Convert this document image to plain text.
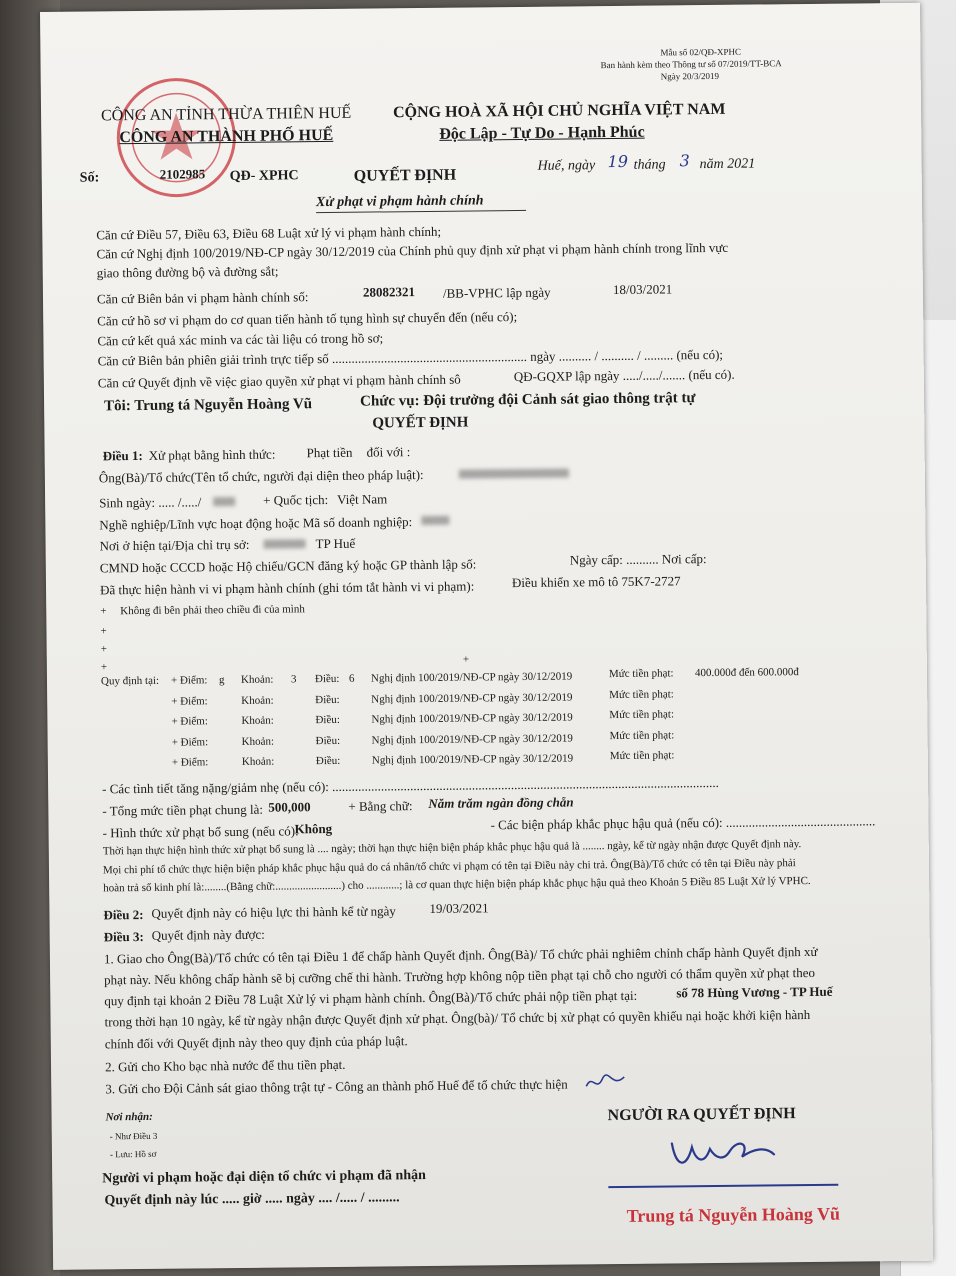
Mẫu số 02/QĐ-XPHC
Ban hành kèm theo Thông tư số 07/2019/TT-BCA
Ngày 20/3/2019
CÔNG AN TỈNH THỪA THIÊN HUẾ
CÔNG AN THÀNH PHỐ HUẾ
Số:	2102985 QĐ- XPHC
CỘNG HOÀ XÃ HỘI CHỦ NGHĨA VIỆT NAM
Độc Lập - Tự Do - Hạnh Phúc
Huế, ngày 19 tháng 3 năm 2021
QUYẾT ĐỊNH
Xử phạt vi phạm hành chính
Căn cứ Điều 57, Điều 63, Điều 68 Luật xử lý vi phạm hành chính;
Căn cứ Nghị định 100/2019/NĐ-CP ngày 30/12/2019 của Chính phủ quy định xử phạt vi phạm hành chính trong lĩnh vực
giao thông đường bộ và đường sắt;
Căn cứ Biên bản vi phạm hành chính số:	28082321 /BB-VPHC lập ngày	18/03/2021
Căn cứ hồ sơ vi phạm do cơ quan tiến hành tố tụng hình sự chuyển đến (nếu có);
Căn cứ kết quả xác minh va các tài liệu có trong hồ sơ;
Căn cứ Biên bản phiên giải trình trực tiếp số ............................................................ ngày .......... / .......... / ......... (nếu có);
Căn cứ Quyết định về việc giao quyền xử phạt vi phạm hành chính sô	QĐ-GQXP lập ngày ...../...../....... (nếu có).
Tôi: Trung tá Nguyễn Hoàng Vũ	Chức vụ: Đội trưởng đội Cảnh sát giao thông trật tự
QUYẾT ĐỊNH
Điều 1: Xử phạt bằng hình thức: Phạt tiền đối với :
Ông(Bà)/Tổ chức(Tên tổ chức, người đại diện theo pháp luật):
Sinh ngày: ..... /...../	+ Quốc tịch: Việt Nam
Nghề nghiệp/Lĩnh vực hoạt động hoặc Mã số doanh nghiệp:
Nơi ở hiện tại/Địa chỉ trụ sở:	TP Huế
CMND hoặc CCCD hoặc Hộ chiếu/GCN đăng ký hoặc GP thành lập số:	Ngày cấp: .......... Nơi cấp:
Đã thực hiện hành vi vi phạm hành chính (ghi tóm tắt hành vi vi phạm):	Điều khiển xe mô tô 75K7-2727
+ Không đi bên phải theo chiều đi của mình
+
+
+
+
Quy định tại: + Điểm: g Khoản: 3 Điều: 6 Nghị định 100/2019/NĐ-CP ngày 30/12/2019	Mức tiền phạt: 400.000đ đến 600.000đ
+ Điểm:	Khoản:	Điều:	Nghị định 100/2019/NĐ-CP ngày 30/12/2019	Mức tiền phạt:
+ Điểm:	Khoản:	Điều:	Nghị định 100/2019/NĐ-CP ngày 30/12/2019	Mức tiền phạt:
+ Điểm:	Khoản:	Điều:	Nghị định 100/2019/NĐ-CP ngày 30/12/2019	Mức tiền phạt:
+ Điểm:	Khoản:	Điều:	Nghị định 100/2019/NĐ-CP ngày 30/12/2019	Mức tiền phạt:
- Các tình tiết tăng nặng/giảm nhẹ (nếu có): .......................................................................................................................
- Tổng mức tiền phạt chung là: 500,000	+ Bằng chữ: Năm trăm ngàn đồng chẵn
- Hình thức xử phạt bổ sung (nếu có):
Không	- Các biện pháp khắc phục hậu quả (nếu có): ..............................................
Thời hạn thực hiện hình thức xử phạt bổ sung là .... ngày; thời hạn thực hiện biện pháp khắc phục hậu quả là ........ ngày, kể từ ngày nhận được Quyết định này.
Mọi chi phí tổ chức thực hiện biện pháp khắc phục hậu quả do cá nhân/tổ chức vi phạm có tên tại Điều này chi trả. Ông(Bà)/Tổ chức có tên tại Điều này phải
hoàn trả số kinh phí là:........(Bằng chữ:........................) cho ............; là cơ quan thực hiện biện pháp khắc phục hậu quả theo Khoản 5 Điều 85 Luật Xử lý VPHC.
Điều 2: Quyết định này có hiệu lực thi hành kể từ ngày	19/03/2021
Điều 3: Quyết định này được:
1. Giao cho Ông(Bà)/Tổ chức có tên tại Điều 1 để chấp hành Quyết định. Ông(Bà)/ Tổ chức phải nghiêm chỉnh chấp hành Quyết định xử
phạt này. Nếu không chấp hành sẽ bị cưỡng chế thi hành. Trường hợp không nộp tiền phạt tại chỗ cho người có thẩm quyền xử phạt theo
quy định tại khoản 2 Điều 78 Luật Xử lý vi phạm hành chính. Ông(Bà)/Tổ chức phải nộp tiền phạt tại:	số 78 Hùng Vương - TP Huế
trong thời hạn 10 ngày, kể từ ngày nhận được Quyết định xử phạt. Ông(bà)/ Tổ chức bị xử phạt có quyền khiếu nại hoặc khởi kiện hành
chính đối với Quyết định này theo quy định của pháp luật.
2. Gửi cho Kho bạc nhà nước để thu tiền phạt.
3. Gửi cho Đội Cảnh sát giao thông trật tự - Công an thành phố Huế để tổ chức thực hiện
Nơi nhận:
- Như Điều 3
- Lưu: Hồ sơ
Người vi phạm hoặc đại diện tổ chức vi phạm đã nhận
Quyết định này lúc ..... giờ ..... ngày .... /..... / .........
NGƯỜI RA QUYẾT ĐỊNH
Trung tá Nguyễn Hoàng Vũ
